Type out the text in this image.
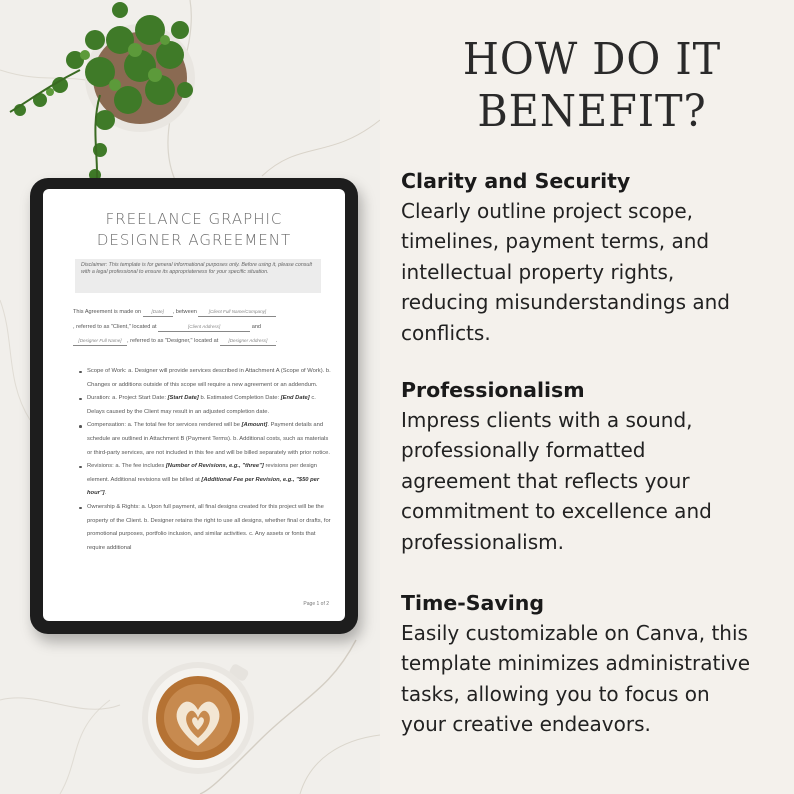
FREELANCE GRAPHIC
DESIGNER AGREEMENT
Disclaimer: This template is for general informational purposes only. Before using it, please consult with a legal professional to ensure its appropriateness for your specific situation.
This Agreement is made on [Date] , between	[Client Full Name/Company]
, referred to as "Client," located at	[Client Address]	and
[Designer Full Name] , referred to as "Designer," located at [Designer Address] .
Scope of Work: a. Designer will provide services described in Attachment A (Scope of Work). b. Changes or additions outside of this scope will require a new agreement or an addendum.
Duration: a. Project Start Date: [Start Date] b. Estimated Completion Date: [End Date] c. Delays caused by the Client may result in an adjusted completion date.
Compensation: a. The total fee for services rendered will be [Amount]. Payment details and schedule are outlined in Attachment B (Payment Terms). b. Additional costs, such as materials or third-party services, are not included in this fee and will be billed separately with prior notice.
Revisions: a. The fee includes [Number of Revisions, e.g., "three"] revisions per design element. Additional revisions will be billed at [Additional Fee per Revision, e.g., "$50 per hour"].
Ownership & Rights: a. Upon full payment, all final designs created for this project will be the property of the Client. b. Designer retains the right to use all designs, whether final or drafts, for promotional purposes, portfolio inclusion, and similar activities. c. Any assets or fonts that require additional
Page 1 of 2
HOW DO IT
BENEFIT?
Clarity and Security

Clearly outline project scope,

timelines, payment terms, and

intellectual property rights,

reducing misunderstandings and

conflicts.

Professionalism

Impress clients with a sound,

professionally formatted

agreement that reflects your

commitment to excellence and

professionalism.

Time-Saving

Easily customizable on Canva, this

template minimizes administrative

tasks, allowing you to focus on

your creative endeavors.
